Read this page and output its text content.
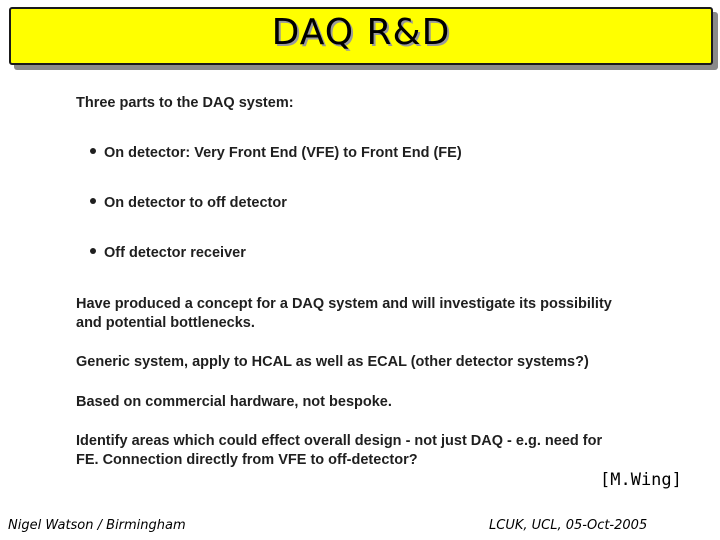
DAQ R&D
Three parts to the DAQ system:
On detector: Very Front End (VFE) to Front End (FE)
On detector to off detector
Off detector receiver
Have produced a concept for a DAQ system and will investigate its possibility
and potential bottlenecks.
Generic system, apply to HCAL as well as ECAL (other detector systems?)
Based on commercial hardware, not bespoke.
Identify areas which could effect overall design - not just DAQ - e.g. need for
FE. Connection directly from VFE to off-detector?
[M.Wing]
Nigel Watson / Birmingham	LCUK, UCL, 05-Oct-2005
